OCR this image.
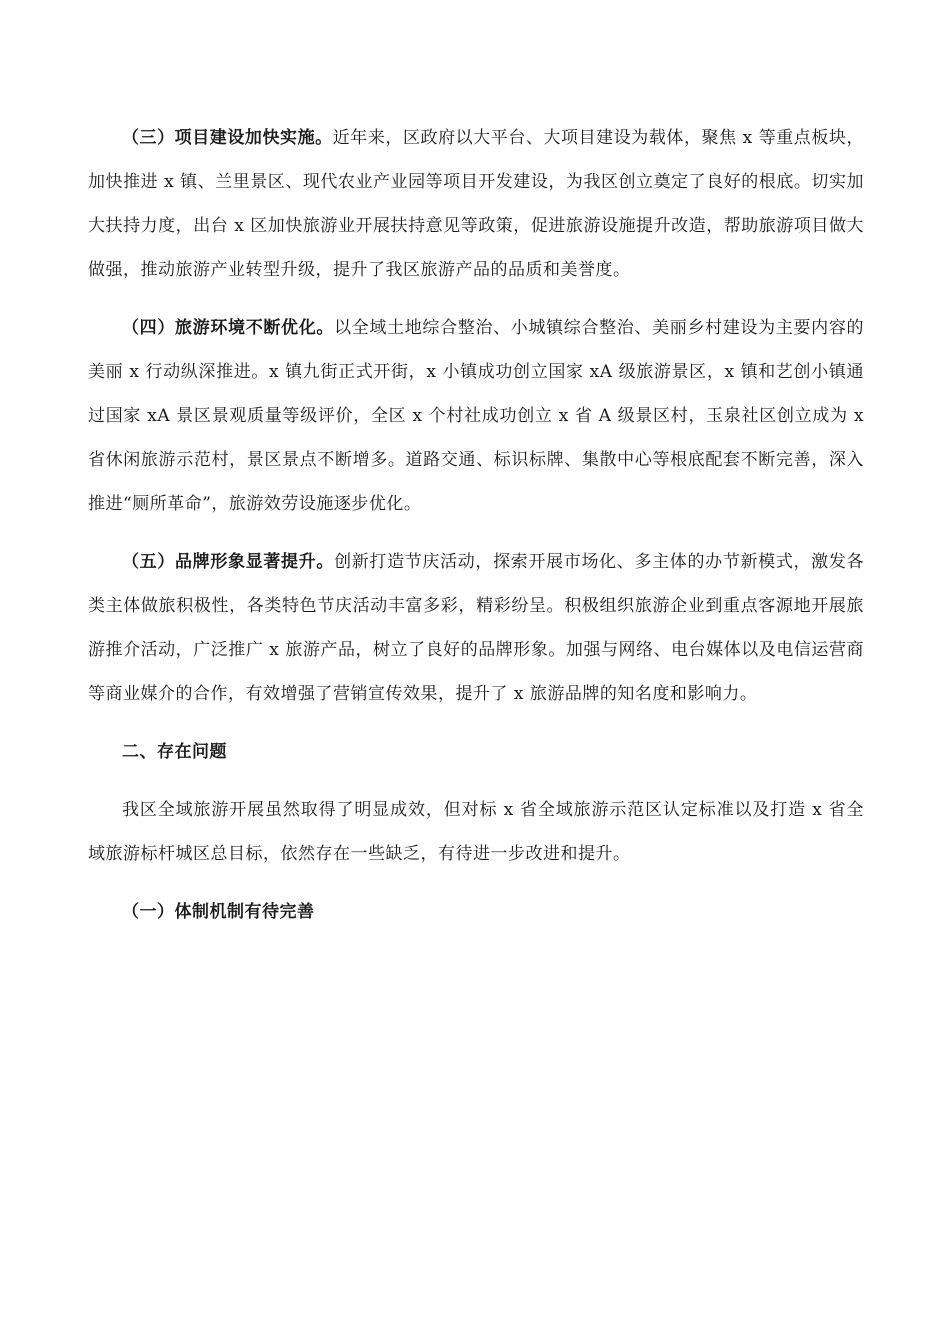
（三）项目建设加快实施。近年来，区政府以大平台、大项目建设为载体，聚焦 x 等重点板块，加快推进 x 镇、兰里景区、现代农业产业园等项目开发建设，为我区创立奠定了良好的根底。切实加大扶持力度，出台 x 区加快旅游业开展扶持意见等政策，促进旅游设施提升改造，帮助旅游项目做大做强，推动旅游产业转型升级，提升了我区旅游产品的品质和美誉度。

（四）旅游环境不断优化。以全域土地综合整治、小城镇综合整治、美丽乡村建设为主要内容的美丽 x 行动纵深推进。x 镇九街正式开街，x 小镇成功创立国家 xA 级旅游景区，x 镇和艺创小镇通过国家 xA 景区景观质量等级评价，全区 x 个村社成功创立 x 省 A 级景区村，玉泉社区创立成为 x 省休闲旅游示范村，景区景点不断增多。道路交通、标识标牌、集散中心等根底配套不断完善，深入推进“厕所革命”，旅游效劳设施逐步优化。

（五）品牌形象显著提升。创新打造节庆活动，探索开展市场化、多主体的办节新模式，激发各类主体做旅积极性，各类特色节庆活动丰富多彩，精彩纷呈。积极组织旅游企业到重点客源地开展旅游推介活动，广泛推广 x 旅游产品，树立了良好的品牌形象。加强与网络、电台媒体以及电信运营商等商业媒介的合作，有效增强了营销宣传效果，提升了 x 旅游品牌的知名度和影响力。

二、存在问题

我区全域旅游开展虽然取得了明显成效，但对标 x 省全域旅游示范区认定标准以及打造 x 省全域旅游标杆城区总目标，依然存在一些缺乏，有待进一步改进和提升。

（一）体制机制有待完善
